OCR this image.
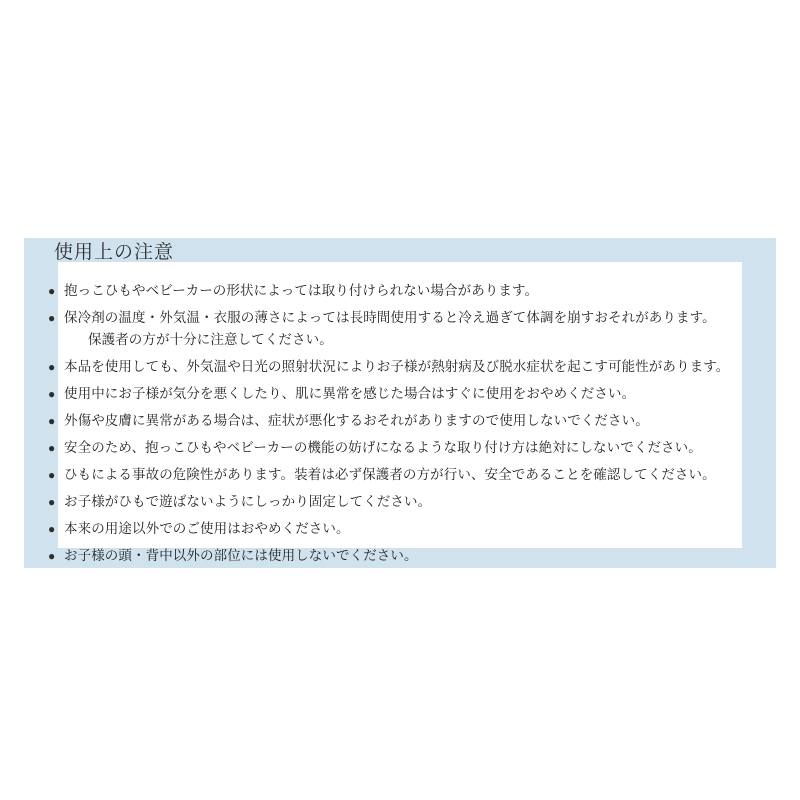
使用上の注意
● 抱っこひもやベビーカーの形状によっては取り付けられない場合があります。
● 保冷剤の温度・外気温・衣服の薄さによっては長時間使用すると冷え過ぎて体調を崩すおそれがあります。
保護者の方が十分に注意してください。
● 本品を使用しても、外気温や日光の照射状況によりお子様が熱射病及び脱水症状を起こす可能性があります。
● 使用中にお子様が気分を悪くしたり、肌に異常を感じた場合はすぐに使用をおやめください。
● 外傷や皮膚に異常がある場合は、症状が悪化するおそれがありますので使用しないでください。
● 安全のため、抱っこひもやベビーカーの機能の妨げになるような取り付け方は絶対にしないでください。
● ひもによる事故の危険性があります。装着は必ず保護者の方が行い、安全であることを確認してください。
● お子様がひもで遊ばないようにしっかり固定してください。
● 本来の用途以外でのご使用はおやめください。
● お子様の頭・背中以外の部位には使用しないでください。
